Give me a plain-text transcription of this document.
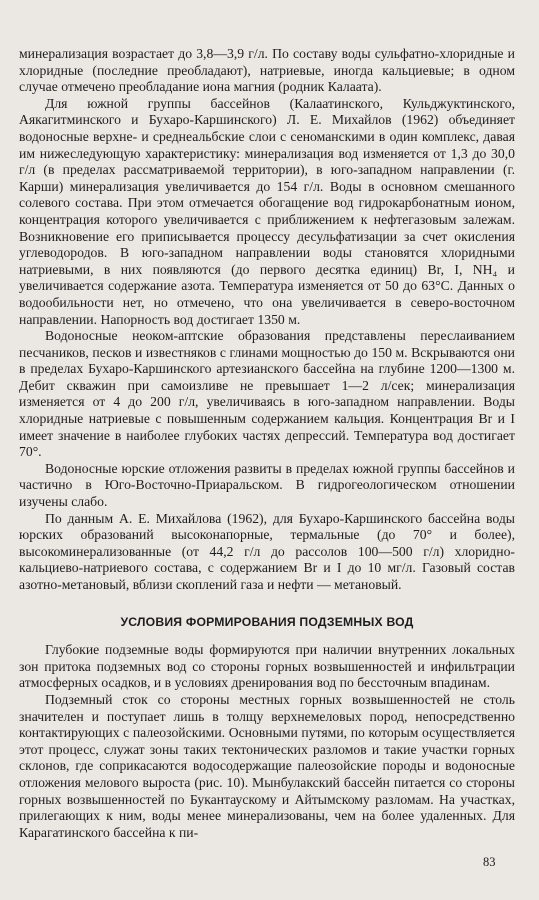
минерализация возрастает до 3,8—3,9 г/л. По составу воды сульфатно-хлоридные и хлоридные (последние преобладают), натриевые, иногда кальциевые; в одном случае отмечено преобладание иона магния (родник Калаата).

Для южной группы бассейнов (Калаатинского, Кульджуктинского, Аякагитминского и Бухаро-Каршинского) Л. Е. Михайлов (1962) объединяет водоносные верхне- и среднеальбские слои с сеноманскими в один комплекс, давая им нижеследующую характеристику: минерализация вод изменяется от 1,3 до 30,0 г/л (в пределах рассматриваемой территории), в юго-западном направлении (г. Карши) минерализация увеличивается до 154 г/л. Воды в основном смешанного солевого состава. При этом отмечается обогащение вод гидрокарбонатным ионом, концентрация которого увеличивается с приближением к нефтегазовым залежам. Возникновение его приписывается процессу десульфатизации за счет окисления углеводородов. В юго-западном направлении воды становятся хлоридными натриевыми, в них появляются (до первого десятка единиц) Br, I, NH₄ и увеличивается содержание азота. Температура изменяется от 50 до 63°C. Данных о водообильности нет, но отмечено, что она увеличивается в северо-восточном направлении. Напорность вод достигает 1350 м.

Водоносные неоком-аптские образования представлены переслаиванием песчаников, песков и известняков с глинами мощностью до 150 м. Вскрываются они в пределах Бухаро-Каршинского артезианского бассейна на глубине 1200—1300 м. Дебит скважин при самоизливе не превышает 1—2 л/сек; минерализация изменяется от 4 до 200 г/л, увеличиваясь в юго-западном направлении. Воды хлоридные натриевые с повышенным содержанием кальция. Концентрация Br и I имеет значение в наиболее глубоких частях депрессий. Температура вод достигает 70°.

Водоносные юрские отложения развиты в пределах южной группы бассейнов и частично в Юго-Восточно-Приаральском. В гидрогеологическом отношении изучены слабо.

По данным А. Е. Михайлова (1962), для Бухаро-Каршинского бассейна воды юрских образований высоконапорные, термальные (до 70° и более), высокоминерализованные (от 44,2 г/л до рассолов 100—500 г/л) хлоридно-кальциево-натриевого состава, с содержанием Br и I до 10 мг/л. Газовый состав азотно-метановый, вблизи скоплений газа и нефти — метановый.

УСЛОВИЯ ФОРМИРОВАНИЯ ПОДЗЕМНЫХ ВОД

Глубокие подземные воды формируются при наличии внутренних локальных зон притока подземных вод со стороны горных возвышенностей и инфильтрации атмосферных осадков, и в условиях дренирования вод по бессточным впадинам.

Подземный сток со стороны местных горных возвышенностей не столь значителен и поступает лишь в толщу верхнемеловых пород, непосредственно контактирующих с палеозойскими. Основными путями, по которым осуществляется этот процесс, служат зоны таких тектонических разломов и такие участки горных склонов, где соприкасаются водосодержащие палеозойские породы и водоносные отложения мелового выроста (рис. 10). Мынбулакский бассейн питается со стороны горных возвышенностей по Букантаускому и Айтымскому разломам. На участках, прилегающих к ним, воды менее минерализованы, чем на более удаленных. Для Карагатинского бассейна к пи-

83
